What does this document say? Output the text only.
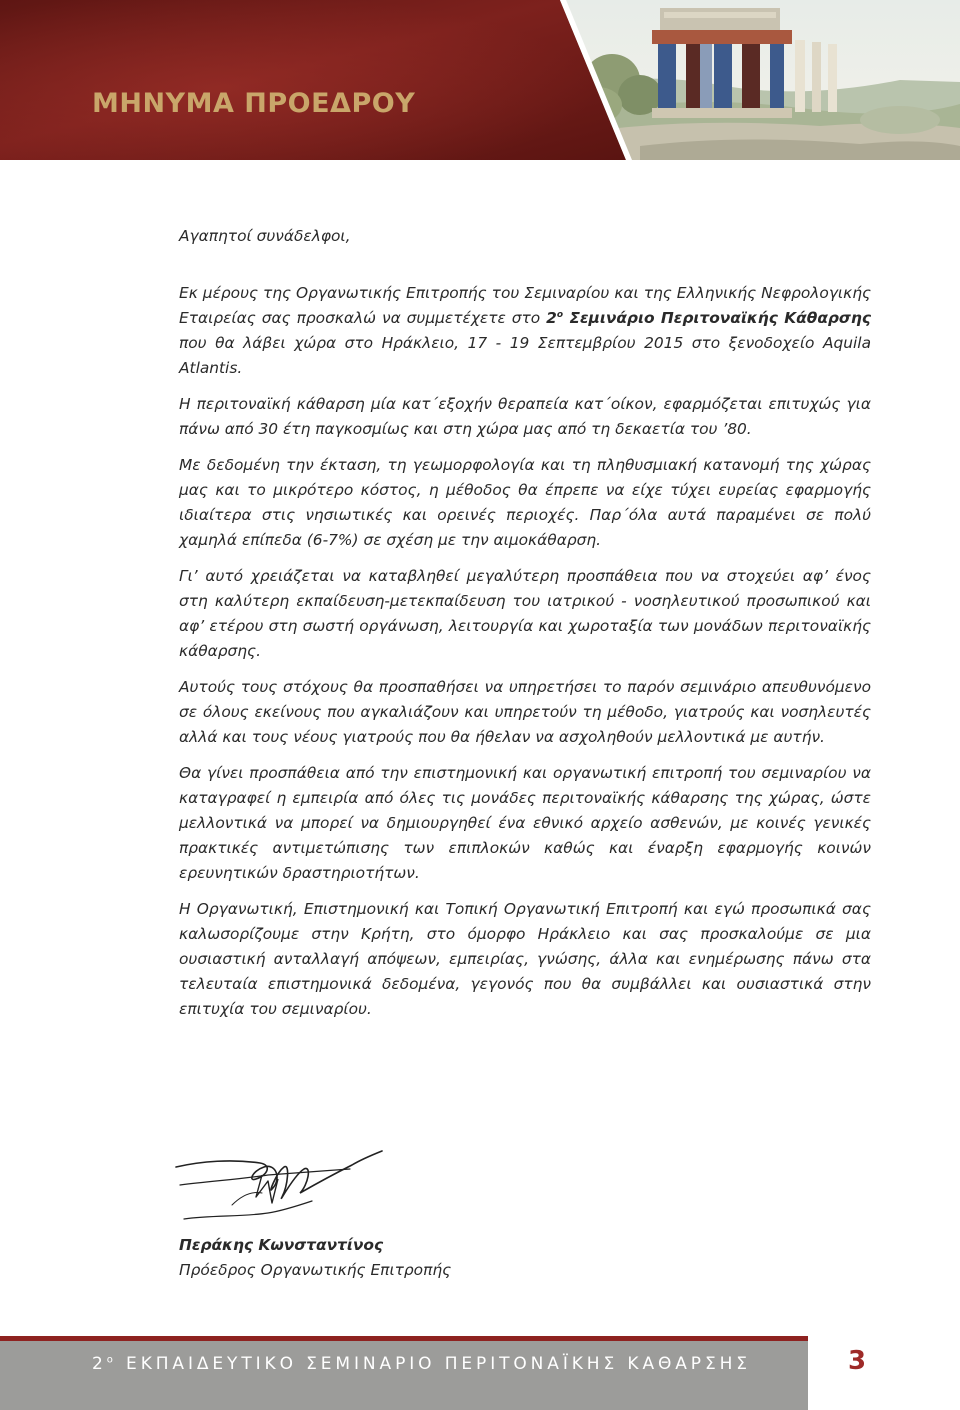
ΜΗΝΥΜΑ ΠΡΟΕΔΡΟΥ

Αγαπητοί συνάδελφοι,

Εκ μέρους της Οργανωτικής Επιτροπής του Σεμιναρίου και της Ελληνικής Νεφρολογικής Εταιρείας σας προσκαλώ να συμμετέχετε στο $2^o$ Σεμινάριο Περιτοναϊκής Κάθαρσης που θα λάβει χώρα στο Ηράκλειο, 17 - 19 Σεπτεμβρίου 2015 στο ξενοδοχείο Aquila Atlantis.

Η περιτοναϊκή κάθαρση μία κατ΄εξοχήν θεραπεία κατ΄οίκον, εφαρμόζεται επιτυχώς για πάνω από 30 έτη παγκοσμίως και στη χώρα μας από τη δεκαετία του ’80.

Με δεδομένη την έκταση, τη γεωμορφολογία και τη πληθυσμιακή κατανομή της χώρας μας και το μικρότερο κόστος, η μέθοδος θα έπρεπε να είχε τύχει ευρείας εφαρμογής ιδιαίτερα στις νησιωτικές και ορεινές περιοχές. Παρ΄όλα αυτά παραμένει σε πολύ χαμηλά επίπεδα (6-7%) σε σχέση με την αιμοκάθαρση.

Γι’ αυτό χρειάζεται να καταβληθεί μεγαλύτερη προσπάθεια που να στοχεύει αφ’ ένος στη καλύτερη εκπαίδευση-μετεκπαίδευση του ιατρικού - νοσηλευτικού προσωπικού και αφ’ ετέρου στη σωστή οργάνωση, λειτουργία και χωροταξία των μονάδων περιτοναϊκής κάθαρσης.

Αυτούς τους στόχους θα προσπαθήσει να υπηρετήσει το παρόν σεμινάριο απευθυνόμενο σε όλους εκείνους που αγκαλιάζουν και υπηρετούν τη μέθοδο, γιατρούς και νοσηλευτές αλλά και τους νέους γιατρούς που θα ήθελαν να ασχοληθούν μελλοντικά με αυτήν.

Θα γίνει προσπάθεια από την επιστημονική και οργανωτική επιτροπή του σεμιναρίου να καταγραφεί η εμπειρία από όλες τις μονάδες περιτοναϊκής κάθαρσης της χώρας, ώστε μελλοντικά να μπορεί να δημιουργηθεί ένα εθνικό αρχείο ασθενών, με κοινές γενικές πρακτικές αντιμετώπισης των επιπλοκών καθώς και έναρξη εφαρμογής κοινών ερευνητικών δραστηριοτήτων.

Η Οργανωτική, Επιστημονική και Τοπική Οργανωτική Επιτροπή και εγώ προσωπικά σας καλωσορίζουμε στην Κρήτη, στο όμορφο Ηράκλειο και σας προσκαλούμε σε μια ουσιαστική ανταλλαγή απόψεων, εμπειρίας, γνώσης, άλλα και ενημέρωσης πάνω στα τελευταία επιστημονικά δεδομένα, γεγονός που θα συμβάλλει και ουσιαστικά στην επιτυχία του σεμιναρίου.

Περάκης Κωνσταντίνος
Πρόεδρος Οργανωτικής Επιτροπής
$2^o$ ΕΚΠΑΙΔΕΥΤΙΚΟ ΣΕΜΙΝΑΡΙΟ ΠΕΡΙΤΟΝΑΪΚΗΣ ΚΑΘΑΡΣΗΣ	3
